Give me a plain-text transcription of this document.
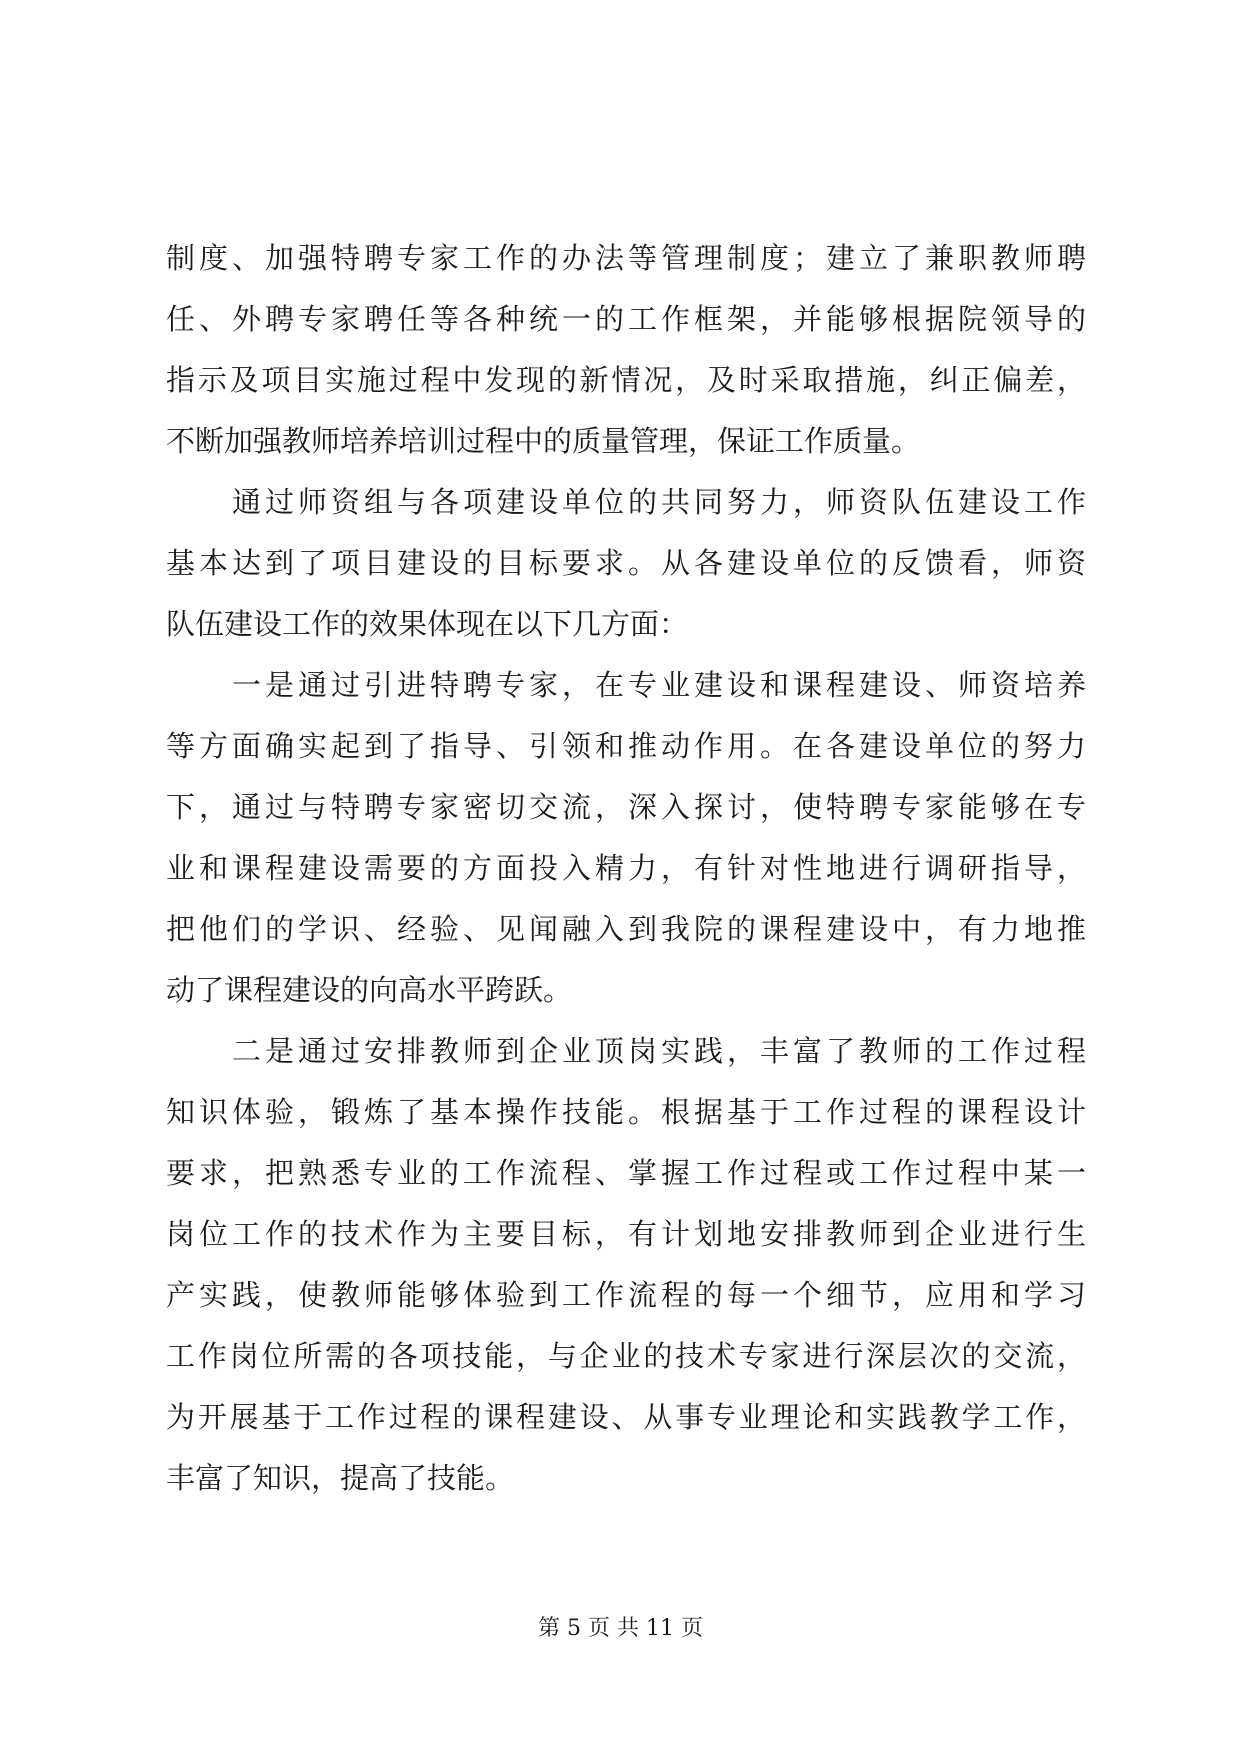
制度、加强特聘专家工作的办法等管理制度；建立了兼职教师聘
任、外聘专家聘任等各种统一的工作框架，并能够根据院领导的
指示及项目实施过程中发现的新情况，及时采取措施，纠正偏差，
不断加强教师培养培训过程中的质量管理，保证工作质量。
通过师资组与各项建设单位的共同努力，师资队伍建设工作
基本达到了项目建设的目标要求。从各建设单位的反馈看，师资
队伍建设工作的效果体现在以下几方面：
一是通过引进特聘专家，在专业建设和课程建设、师资培养
等方面确实起到了指导、引领和推动作用。在各建设单位的努力
下，通过与特聘专家密切交流，深入探讨，使特聘专家能够在专
业和课程建设需要的方面投入精力，有针对性地进行调研指导，
把他们的学识、经验、见闻融入到我院的课程建设中，有力地推
动了课程建设的向高水平跨跃。
二是通过安排教师到企业顶岗实践，丰富了教师的工作过程
知识体验，锻炼了基本操作技能。根据基于工作过程的课程设计
要求，把熟悉专业的工作流程、掌握工作过程或工作过程中某一
岗位工作的技术作为主要目标，有计划地安排教师到企业进行生
产实践，使教师能够体验到工作流程的每一个细节，应用和学习
工作岗位所需的各项技能，与企业的技术专家进行深层次的交流，
为开展基于工作过程的课程建设、从事专业理论和实践教学工作，
丰富了知识，提高了技能。
第 5 页 共 11 页
